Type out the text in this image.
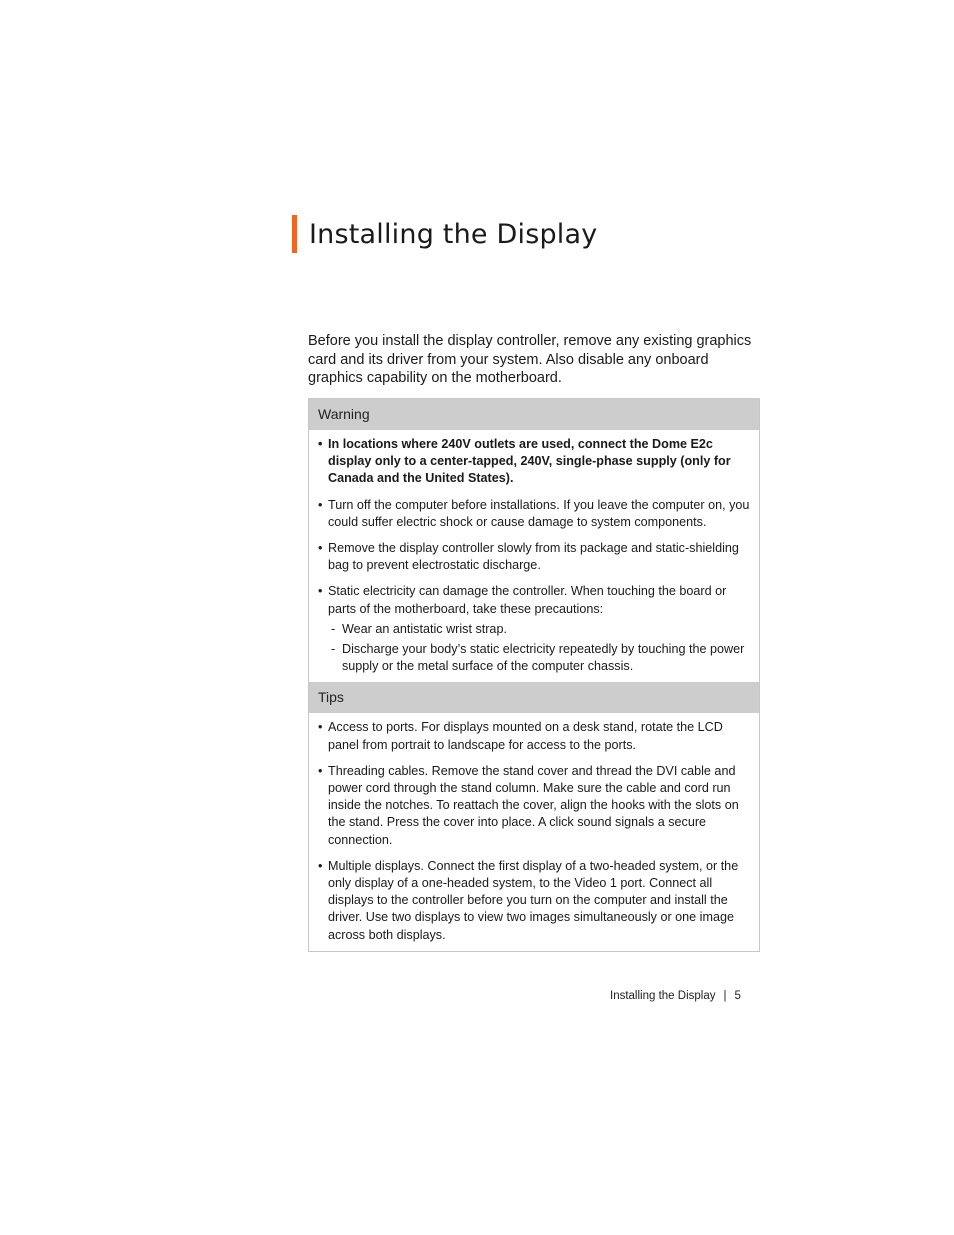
Installing the Display

Before you install the display controller, remove any existing graphics card and its driver from your system. Also disable any onboard graphics capability on the motherboard.

Warning
• In locations where 240V outlets are used, connect the Dome E2c display only to a center-tapped, 240V, single-phase supply (only for Canada and the United States).
• Turn off the computer before installations. If you leave the computer on, you could suffer electric shock or cause damage to system components.
• Remove the display controller slowly from its package and static-shielding bag to prevent electrostatic discharge.
• Static electricity can damage the controller. When touching the board or parts of the motherboard, take these precautions:
- Wear an antistatic wrist strap.
- Discharge your body’s static electricity repeatedly by touching the power supply or the metal surface of the computer chassis.
Tips
• Access to ports. For displays mounted on a desk stand, rotate the LCD panel from portrait to landscape for access to the ports.
• Threading cables. Remove the stand cover and thread the DVI cable and power cord through the stand column. Make sure the cable and cord run inside the notches. To reattach the cover, align the hooks with the slots on the stand. Press the cover into place. A click sound signals a secure connection.
• Multiple displays. Connect the first display of a two-headed system, or the only display of a one-headed system, to the Video 1 port. Connect all displays to the controller before you turn on the computer and install the driver. Use two displays to view two images simultaneously or one image across both displays.
Installing the Display | 5
